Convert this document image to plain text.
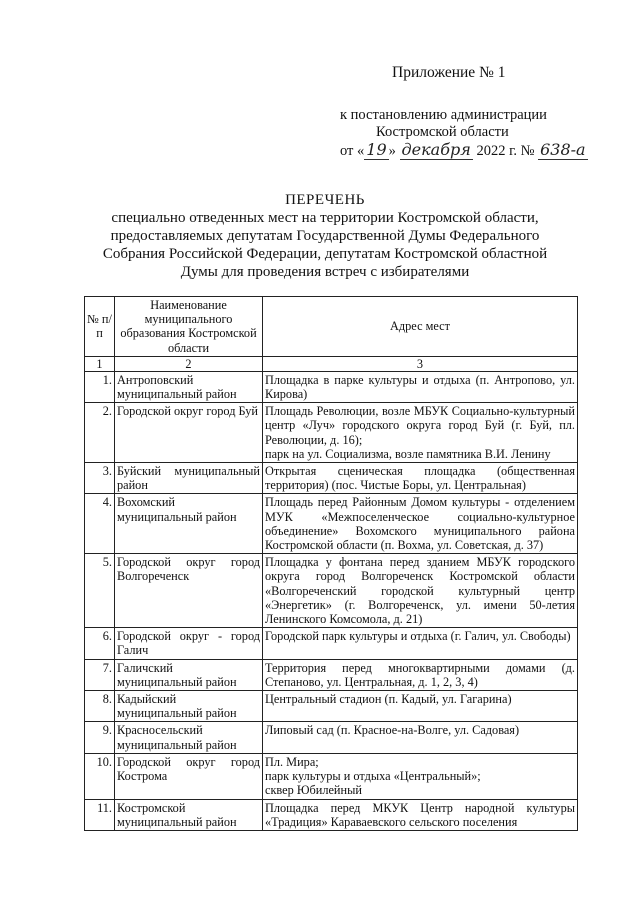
Приложение № 1
к постановлению администрации
Костромской области
от « 19 » декабря 2022 г. № 638-а
ПЕРЕЧЕНЬ
специально отведенных мест на территории Костромской области,
предоставляемых депутатам Государственной Думы Федерального
Собрания Российской Федерации, депутатам Костромской областной
Думы для проведения встреч с избирателями
№ п/п	Наименование муниципального образования Костромской области	Адрес мест
1	2	3
1.	Антроповский муниципальный район	Площадка в парке культуры и отдыха (п. Антропово, ул. Кирова)

2.	Городской округ город Буй	Площадь Революции, возле МБУК Социально-культурный центр «Луч» городского округа город Буй (г. Буй, пл. Революции, д. 16);
парк на ул. Социализма, возле памятника В.И. Ленину

3.	Буйский муниципальный район	Открытая сценическая площадка (общественная территория) (пос. Чистые Боры, ул. Центральная)

4.	Вохомский муниципальный район	Площадь перед Районным Домом культуры - отделением МУК «Межпоселенческое социально-культурное объединение» Вохомского муниципального района Костромской области (п. Вохма, ул. Советская, д. 37)

5.	Городской округ город Волгореченск	Площадка у фонтана перед зданием МБУК городского округа город Волгореченск Костромской области «Волгореченский городской культурный центр «Энергетик» (г. Волгореченск, ул. имени 50-летия Ленинского Комсомола, д. 21)

6.	Городской округ - город Галич	Городской парк культуры и отдыха (г. Галич, ул. Свободы)

7.	Галичский муниципальный район	Территория перед многоквартирными домами (д. Степаново, ул. Центральная, д. 1, 2, 3, 4)

8.	Кадыйский муниципальный район	Центральный стадион (п. Кадый, ул. Гагарина)

9.	Красносельский муниципальный район	Липовый сад (п. Красное-на-Волге, ул. Садовая)

10.	Городской округ город Кострома	Пл. Мира;
парк культуры и отдыха «Центральный»;
сквер Юбилейный

11.	Костромской муниципальный район	Площадка перед МКУК Центр народной культуры «Традиция» Караваевского сельского поселения
